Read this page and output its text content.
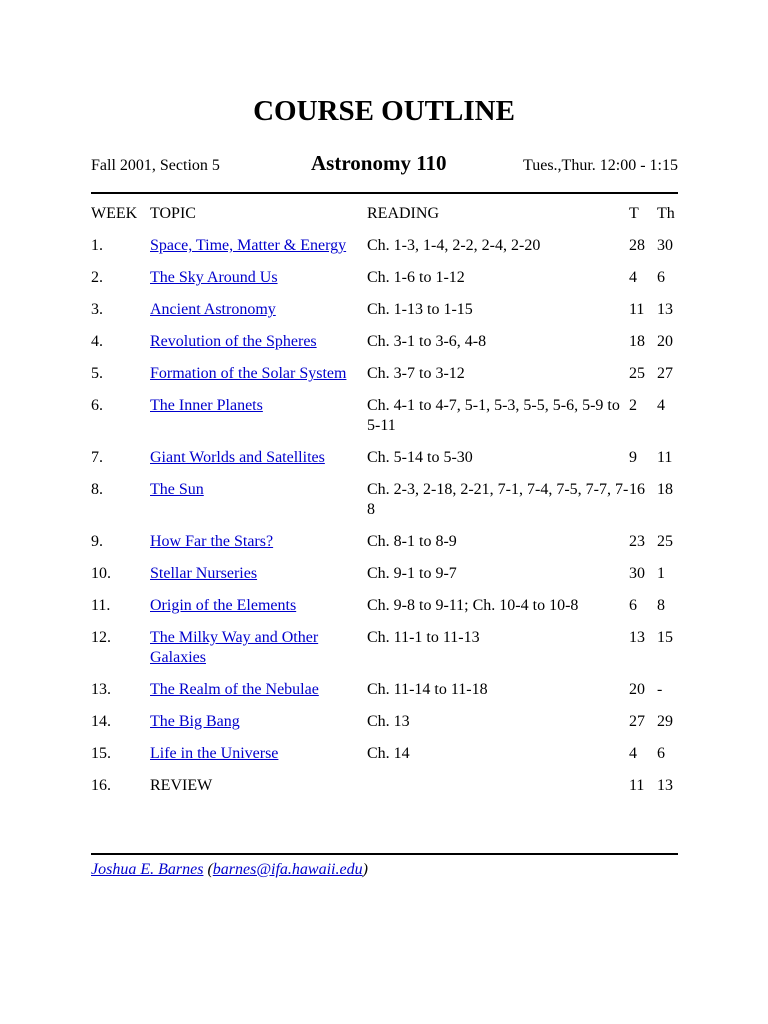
COURSE OUTLINE
Fall 2001, Section 5	Astronomy 110	Tues.,Thur. 12:00 - 1:15
WEEK	TOPIC	READING	T	Th
1.	Space, Time, Matter & Energy	Ch. 1-3, 1-4, 2-2, 2-4, 2-20	28	30
2.	The Sky Around Us	Ch. 1-6 to 1-12	4	6
3.	Ancient Astronomy	Ch. 1-13 to 1-15	11	13
4.	Revolution of the Spheres	Ch. 3-1 to 3-6, 4-8	18	20
5.	Formation of the Solar System	Ch. 3-7 to 3-12	25	27
6.	The Inner Planets	Ch. 4-1 to 4-7, 5-1, 5-3, 5-5, 5-6, 5-9 to 5-11	2	4
7.	Giant Worlds and Satellites	Ch. 5-14 to 5-30	9	11
8.	The Sun	Ch. 2-3, 2-18, 2-21, 7-1, 7-4, 7-5, 7-7, 7-8	16	18
9.	How Far the Stars?	Ch. 8-1 to 8-9	23	25
10.	Stellar Nurseries	Ch. 9-1 to 9-7	30	1
11.	Origin of the Elements	Ch. 9-8 to 9-11; Ch. 10-4 to 10-8	6	8
12.	The Milky Way and Other Galaxies	Ch. 11-1 to 11-13	13	15
13.	The Realm of the Nebulae	Ch. 11-14 to 11-18	20	-
14.	The Big Bang	Ch. 13	27	29
15.	Life in the Universe	Ch. 14	4	6
16.	REVIEW		11	13
Joshua E. Barnes (barnes@ifa.hawaii.edu)
